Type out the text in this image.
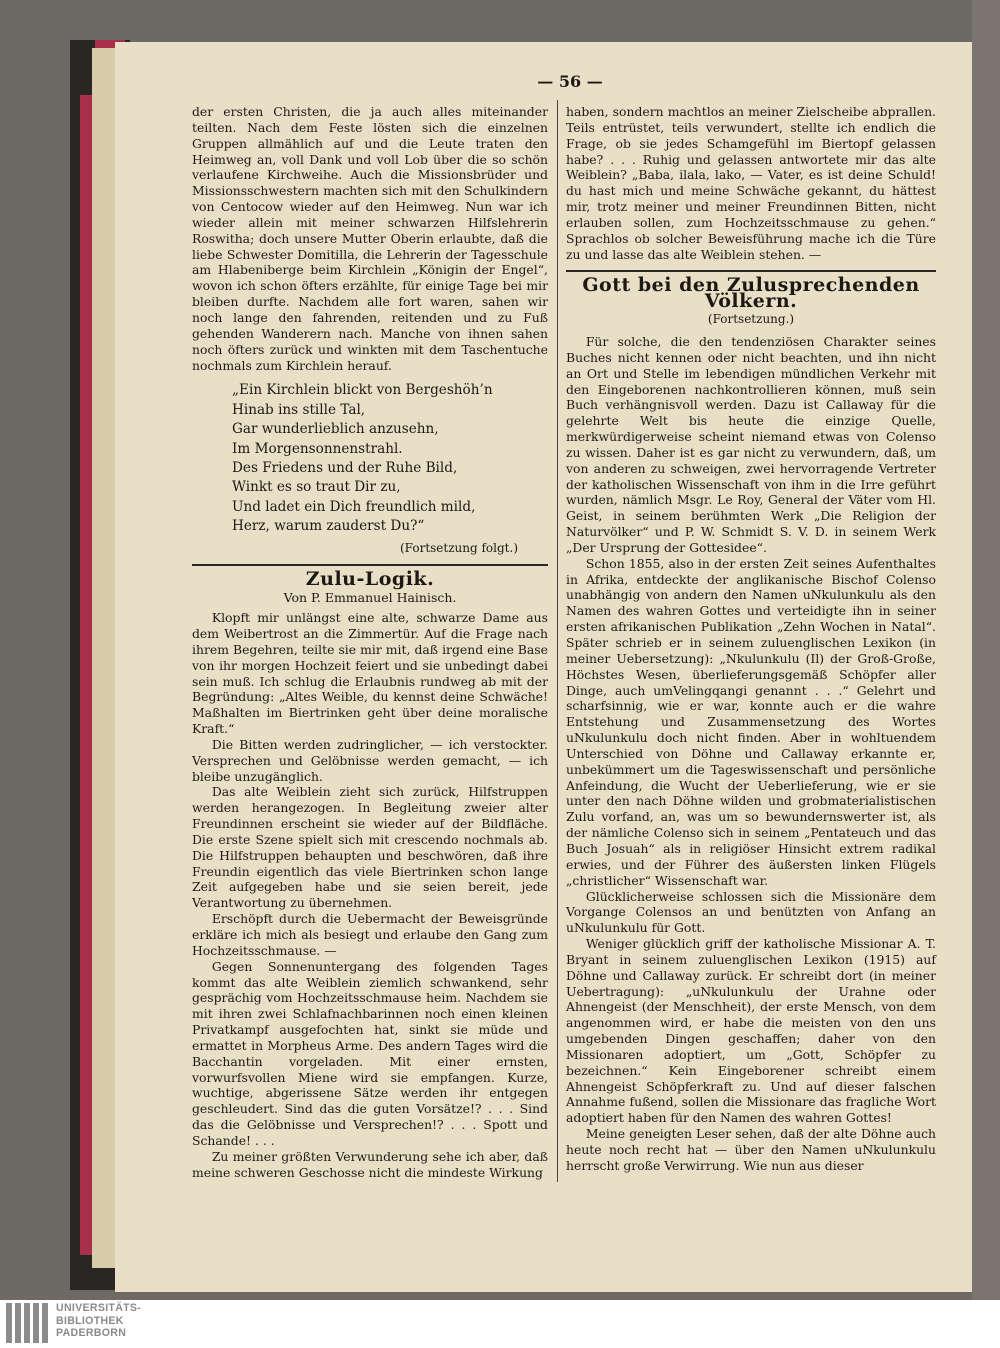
— 56 —

der ersten Christen, die ja auch alles miteinander teilten. Nach dem Feste lösten sich die einzelnen Gruppen allmählich auf und die Leute traten den Heimweg an, voll Dank und voll Lob über die so schön verlaufene Kirchweihe. Auch die Missionsbrüder und Missionsschwestern machten sich mit den Schulkindern von Centocow wieder auf den Heimweg. Nun war ich wieder allein mit meiner schwarzen Hilfslehrerin Roswitha; doch unsere Mutter Oberin erlaubte, daß die liebe Schwester Domitilla, die Lehrerin der Tagesschule am Hlabeniberge beim Kirchlein „Königin der Engel“, wovon ich schon öfters erzählte, für einige Tage bei mir bleiben durfte. Nachdem alle fort waren, sahen wir noch lange den fahrenden, reitenden und zu Fuß gehenden Wanderern nach. Manche von ihnen sahen noch öfters zurück und winkten mit dem Taschentuche nochmals zum Kirchlein herauf.

„Ein Kirchlein blickt von Bergeshöh’n
Hinab ins stille Tal,
Gar wunderlieblich anzusehn,
Im Morgensonnenstrahl.
Des Friedens und der Ruhe Bild,
Winkt es so traut Dir zu,
Und ladet ein Dich freundlich mild,
Herz, warum zauderst Du?“
(Fortsetzung folgt.)
Zulu-Logik.
Von P. Emmanuel Hainisch.

Klopft mir unlängst eine alte, schwarze Dame aus dem Weibertrost an die Zimmertür. Auf die Frage nach ihrem Begehren, teilte sie mir mit, daß irgend eine Base von ihr morgen Hochzeit feiert und sie unbedingt dabei sein muß. Ich schlug die Erlaubnis rundweg ab mit der Begründung: „Altes Weible, du kennst deine Schwäche! Maßhalten im Biertrinken geht über deine moralische Kraft.“

Die Bitten werden zudringlicher, — ich verstockter. Versprechen und Gelöbnisse werden gemacht, — ich bleibe unzugänglich.

Das alte Weiblein zieht sich zurück, Hilfstruppen werden herangezogen. In Begleitung zweier alter Freundinnen erscheint sie wieder auf der Bildfläche. Die erste Szene spielt sich mit crescendo nochmals ab. Die Hilfstruppen behaupten und beschwören, daß ihre Freundin eigentlich das viele Biertrinken schon lange Zeit aufgegeben habe und sie seien bereit, jede Verantwortung zu übernehmen.

Erschöpft durch die Uebermacht der Beweisgründe erkläre ich mich als besiegt und erlaube den Gang zum Hochzeitsschmause. —

Gegen Sonnenuntergang des folgenden Tages kommt das alte Weiblein ziemlich schwankend, sehr gesprächig vom Hochzeitsschmause heim. Nachdem sie mit ihren zwei Schlafnachbarinnen noch einen kleinen Privatkampf ausgefochten hat, sinkt sie müde und ermattet in Morpheus Arme. Des andern Tages wird die Bacchantin vorgeladen. Mit einer ernsten, vorwurfsvollen Miene wird sie empfangen. Kurze, wuchtige, abgerissene Sätze werden ihr entgegen geschleudert. Sind das die guten Vorsätze!? . . . Sind das die Gelöbnisse und Versprechen!? . . . Spott und Schande! . . .

Zu meiner größten Verwunderung sehe ich aber, daß meine schweren Geschosse nicht die mindeste Wirkung

haben, sondern machtlos an meiner Zielscheibe abprallen. Teils entrüstet, teils verwundert, stellte ich endlich die Frage, ob sie jedes Schamgefühl im Biertopf gelassen habe? . . . Ruhig und gelassen antwortete mir das alte Weiblein? „Baba, ilala, lako, — Vater, es ist deine Schuld! du hast mich und meine Schwäche gekannt, du hättest mir, trotz meiner und meiner Freundinnen Bitten, nicht erlauben sollen, zum Hochzeitsschmause zu gehen.“ Sprachlos ob solcher Beweisführung mache ich die Türe zu und lasse das alte Weiblein stehen. —

Gott bei den Zulusprechenden Völkern.
(Fortsetzung.)

Für solche, die den tendenziösen Charakter seines Buches nicht kennen oder nicht beachten, und ihn nicht an Ort und Stelle im lebendigen mündlichen Verkehr mit den Eingeborenen nachkontrollieren können, muß sein Buch verhängnisvoll werden. Dazu ist Callaway für die gelehrte Welt bis heute die einzige Quelle, merkwürdigerweise scheint niemand etwas von Colenso zu wissen. Daher ist es gar nicht zu verwundern, daß, um von anderen zu schweigen, zwei hervorragende Vertreter der katholischen Wissenschaft von ihm in die Irre geführt wurden, nämlich Msgr. Le Roy, General der Väter vom Hl. Geist, in seinem berühmten Werk „Die Religion der Naturvölker“ und P. W. Schmidt S. V. D. in seinem Werk „Der Ursprung der Gottesidee“.

Schon 1855, also in der ersten Zeit seines Aufenthaltes in Afrika, entdeckte der anglikanische Bischof Colenso unabhängig von andern den Namen uNkulunkulu als den Namen des wahren Gottes und verteidigte ihn in seiner ersten afrikanischen Publikation „Zehn Wochen in Natal“. Später schrieb er in seinem zuluenglischen Lexikon (in meiner Uebersetzung): „Nkulunkulu (Il) der Groß-Große, Höchstes Wesen, überlieferungsgemäß Schöpfer aller Dinge, auch umVelingqangi genannt . . .“ Gelehrt und scharfsinnig, wie er war, konnte auch er die wahre Entstehung und Zusammensetzung des Wortes uNkulunkulu doch nicht finden. Aber in wohltuendem Unterschied von Döhne und Callaway erkannte er, unbekümmert um die Tageswissenschaft und persönliche Anfeindung, die Wucht der Ueberlieferung, wie er sie unter den nach Döhne wilden und grobmaterialistischen Zulu vorfand, an, was um so bewundernswerter ist, als der nämliche Colenso sich in seinem „Pentateuch und das Buch Josuah“ als in religiöser Hinsicht extrem radikal erwies, und der Führer des äußersten linken Flügels „christlicher“ Wissenschaft war.

Glücklicherweise schlossen sich die Missionäre dem Vorgange Colensos an und benützten von Anfang an uNkulunkulu für Gott.

Weniger glücklich griff der katholische Missionar A. T. Bryant in seinem zuluenglischen Lexikon (1915) auf Döhne und Callaway zurück. Er schreibt dort (in meiner Uebertragung): „uNkulunkulu der Urahne oder Ahnengeist (der Menschheit), der erste Mensch, von dem angenommen wird, er habe die meisten von den uns umgebenden Dingen geschaffen; daher von den Missionaren adoptiert, um „Gott, Schöpfer zu bezeichnen.“ Kein Eingeborener schreibt einem Ahnengeist Schöpferkraft zu. Und auf dieser falschen Annahme fußend, sollen die Missionare das fragliche Wort adoptiert haben für den Namen des wahren Gottes!

Meine geneigten Leser sehen, daß der alte Döhne auch heute noch recht hat — über den Namen uNkulunkulu herrscht große Verwirrung. Wie nun aus dieser

UNIVERSITÄTS-
BIBLIOTHEK
PADERBORN
